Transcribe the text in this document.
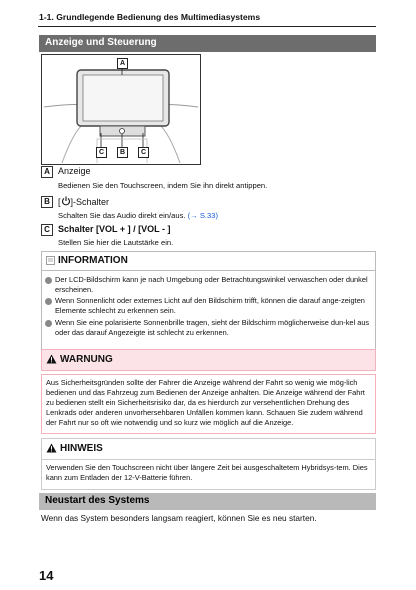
1-1. Grundlegende Bedienung des Multimediasystems
Anzeige und Steuerung
A
C	B	C
A Anzeige
Bedienen Sie den Touchscreen, indem Sie ihn direkt antippen.
B [ ]-Schalter
Schalten Sie das Audio direkt ein/aus. (→ S.33)
C Schalter [VOL + ] / [VOL - ]
Stellen Sie hier die Lautstärke ein.
INFORMATION
Der LCD-Bildschirm kann je nach Umgebung oder Betrachtungswinkel verwaschen oder dunkel erscheinen.
Wenn Sonnenlicht oder externes Licht auf den Bildschirm trifft, können die darauf ange-zeigten Elemente schlecht zu erkennen sein.
Wenn Sie eine polarisierte Sonnenbrille tragen, sieht der Bildschirm möglicherweise dun-kel aus oder das darauf Angezeigte ist schlecht zu erkennen.
WARNUNG
Aus Sicherheitsgründen sollte der Fahrer die Anzeige während der Fahrt so wenig wie mög-lich bedienen und das Fahrzeug zum Bedienen der Anzeige anhalten. Die Anzeige während der Fahrt zu bedienen stellt ein Sicherheitsrisiko dar, da es hierdurch zur versehentlichen Drehung des Lenkrads oder anderen unvorhersehbaren Unfällen kommen kann. Schauen Sie zudem während der Fahrt nur so oft wie notwendig und so kurz wie möglich auf die Anzeige.
HINWEIS
Verwenden Sie den Touchscreen nicht über längere Zeit bei ausgeschaltetem Hybridsys-tem. Dies kann zum Entladen der 12-V-Batterie führen.
Neustart des Systems
Wenn das System besonders langsam reagiert, können Sie es neu starten.
14
